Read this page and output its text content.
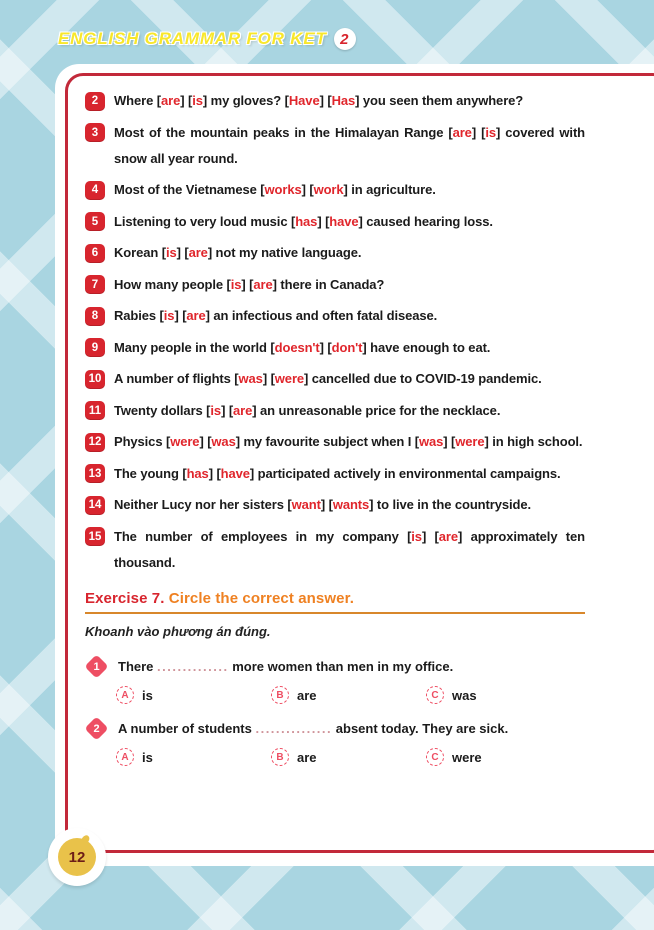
ENGLISH GRAMMAR FOR KET 2
2	Where [are] [is] my gloves? [Have] [Has] you seen them anywhere?
3	Most of the mountain peaks in the Himalayan Range [are] [is] covered with snow all year round.
4	Most of the Vietnamese [works] [work] in agriculture.
5	Listening to very loud music [has] [have] caused hearing loss.
6	Korean [is] [are] not my native language.
7	How many people [is] [are] there in Canada?
8	Rabies [is] [are] an infectious and often fatal disease.
9	Many people in the world [doesn't] [don't] have enough to eat.
10 A number of flights [was] [were] cancelled due to COVID-19 pandemic.
11 Twenty dollars [is] [are] an unreasonable price for the necklace.
12 Physics [were] [was] my favourite subject when I [was] [were] in high school.
13 The young [has] [have] participated actively in environmental campaigns.
14 Neither Lucy nor her sisters [want] [wants] to live in the countryside.
15 The number of employees in my company [is] [are] approximately ten thousand.
Exercise 7. Circle the correct answer.
Khoanh vào phương án đúng.
1	There .............. more women than men in my office.
A	is	B	are	C	was
2	A number of students ............... absent today. They are sick.
A	is	B	are	C	were
12
